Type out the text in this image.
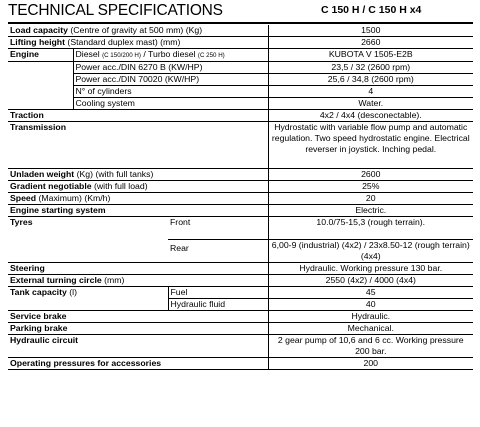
TECHNICAL SPECIFICATIONS	C 150 H / C 150 H x4
Load capacity (Centre of gravity at 500 mm) (Kg)			1500
Lifting height (Standard duplex mast) (mm)			2660
Engine	Diesel (C 150/200 H) / Turbo diesel (C 250 H)		KUBOTA V 1505-E2B
	Power acc./DIN 6270 B (KW/HP)		23,5 / 32 (2600 rpm)
	Power acc./DIN 70020 (KW/HP)		25,6 / 34,8 (2600 rpm)
	N° of cylinders		4
	Cooling system		Water.
Traction			4x2 / 4x4 (desconectable).
Transmission			Hydrostatic with variable flow pump and automatic regulation. Two speed hydrostatic engine. Electrical reverser in joystick. Inching pedal.
Unladen weight (Kg) (with full tanks)			2600
Gradient negotiable (with full load)			25%
Speed (Maximum) (Km/h)			20
Engine starting system			Electric.
Tyres		Front	10.0/75-15,3 (rough terrain).
		Rear	6,00-9 (industrial) (4x2) / 23x8.50-12 (rough terrain) (4x4)
Steering			Hydraulic. Working pressure 130 bar.
External turning circle (mm)			2550 (4x2) / 4000 (4x4)
Tank capacity (l)		Fuel	45
		Hydraulic fluid	40
Service brake			Hydraulic.
Parking brake			Mechanical.
Hydraulic circuit			2 gear pump of 10,6 and 6 cc. Working pressure 200 bar.
Operating pressures for accessories			200
